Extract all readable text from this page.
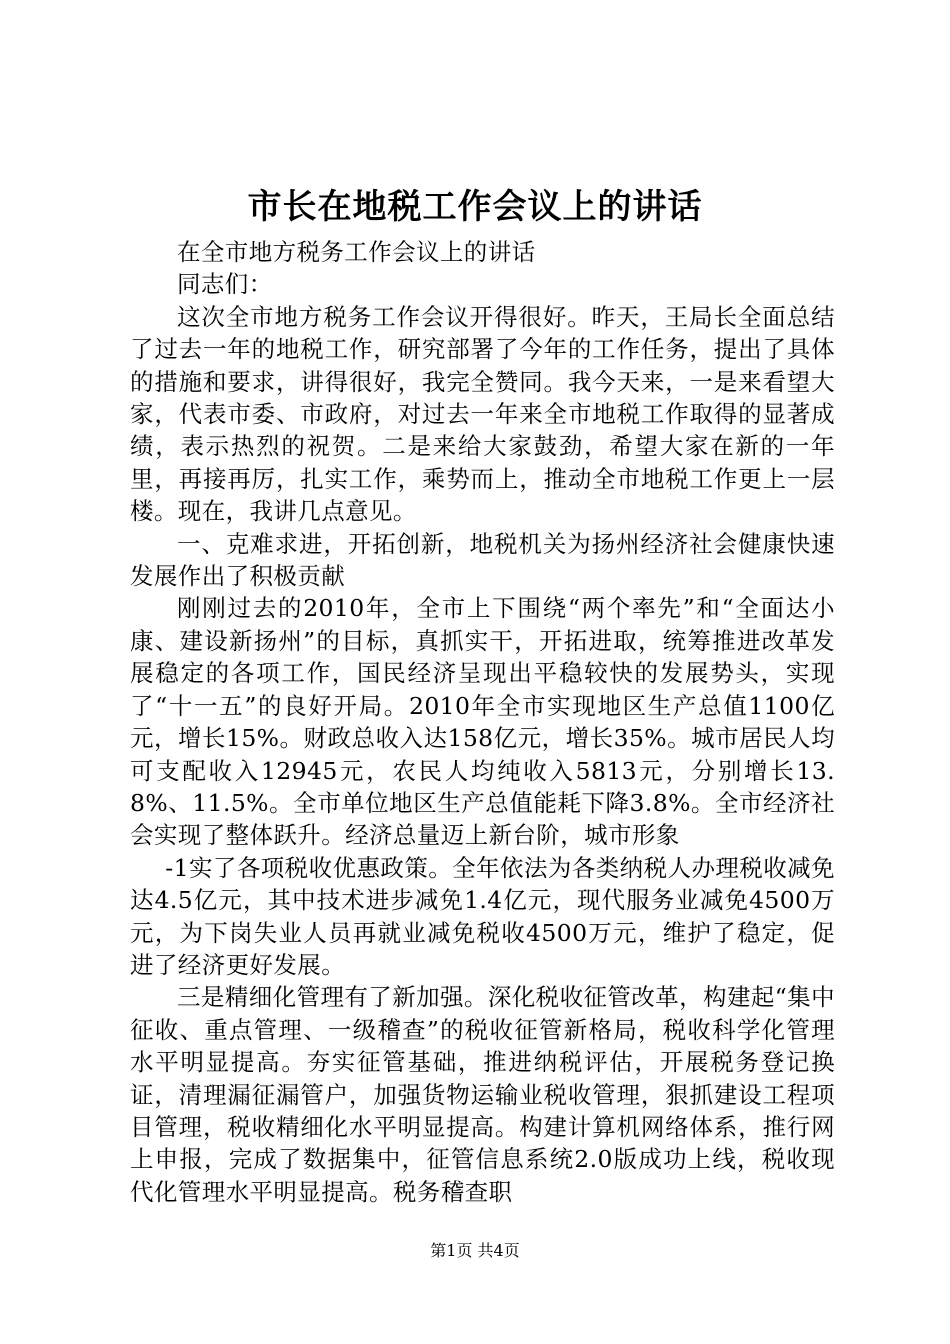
市长在地税工作会议上的讲话

在全市地方税务工作会议上的讲话

同志们：

这次全市地方税务工作会议开得很好。昨天，王局长全面总结了过去一年的地税工作，研究部署了今年的工作任务，提出了具体的措施和要求，讲得很好，我完全赞同。我今天来，一是来看望大家，代表市委、市政府，对过去一年来全市地税工作取得的显著成绩，表示热烈的祝贺。二是来给大家鼓劲，希望大家在新的一年里，再接再厉，扎实工作，乘势而上，推动全市地税工作更上一层楼。现在，我讲几点意见。

一、克难求进，开拓创新，地税机关为扬州经济社会健康快速发展作出了积极贡献

刚刚过去的2010年，全市上下围绕“两个率先”和“全面达小康、建设新扬州”的目标，真抓实干，开拓进取，统筹推进改革发展稳定的各项工作，国民经济呈现出平稳较快的发展势头，实现了“十一五”的良好开局。2010年全市实现地区生产总值1100亿元，增长15%。财政总收入达158亿元，增长35%。城市居民人均可支配收入12945元，农民人均纯收入5813元，分别增长13.8%、11.5%。全市单位地区生产总值能耗下降3.8%。全市经济社会实现了整体跃升。经济总量迈上新台阶，城市形象

-1实了各项税收优惠政策。全年依法为各类纳税人办理税收减免达4.5亿元，其中技术进步减免1.4亿元，现代服务业减免4500万元，为下岗失业人员再就业减免税收4500万元，维护了稳定，促进了经济更好发展。

三是精细化管理有了新加强。深化税收征管改革，构建起“集中征收、重点管理、一级稽查”的税收征管新格局，税收科学化管理水平明显提高。夯实征管基础，推进纳税评估，开展税务登记换证，清理漏征漏管户，加强货物运输业税收管理，狠抓建设工程项目管理，税收精细化水平明显提高。构建计算机网络体系，推行网上申报，完成了数据集中，征管信息系统2.0版成功上线，税收现代化管理水平明显提高。税务稽查职

第1页 共4页
